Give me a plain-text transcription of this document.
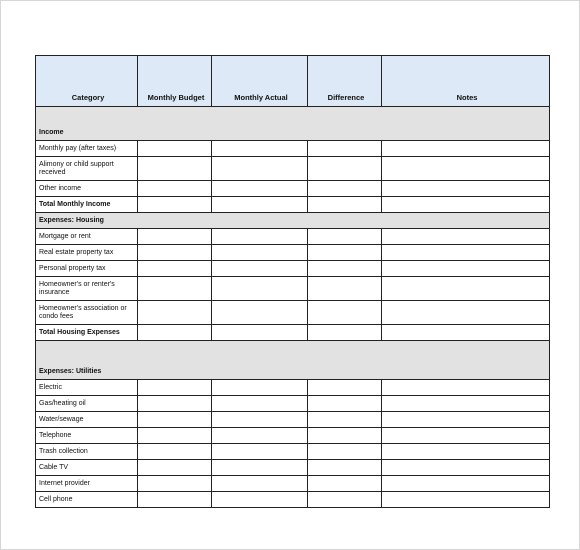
Category	Monthly Budget	Monthly Actual	Difference	Notes
Income				
Monthly pay (after taxes)				
Alimony or child support received				
Other income				
Total Monthly Income				
Expenses: Housing				
Mortgage or rent				
Real estate property tax				
Personal property tax				
Homeowner's or renter's insurance				
Homeowner's association or condo fees				
Total Housing Expenses				
Expenses: Utilities				
Electric				
Gas/heating oil				
Water/sewage				
Telephone				
Trash collection				
Cable TV				
Internet provider				
Cell phone				
